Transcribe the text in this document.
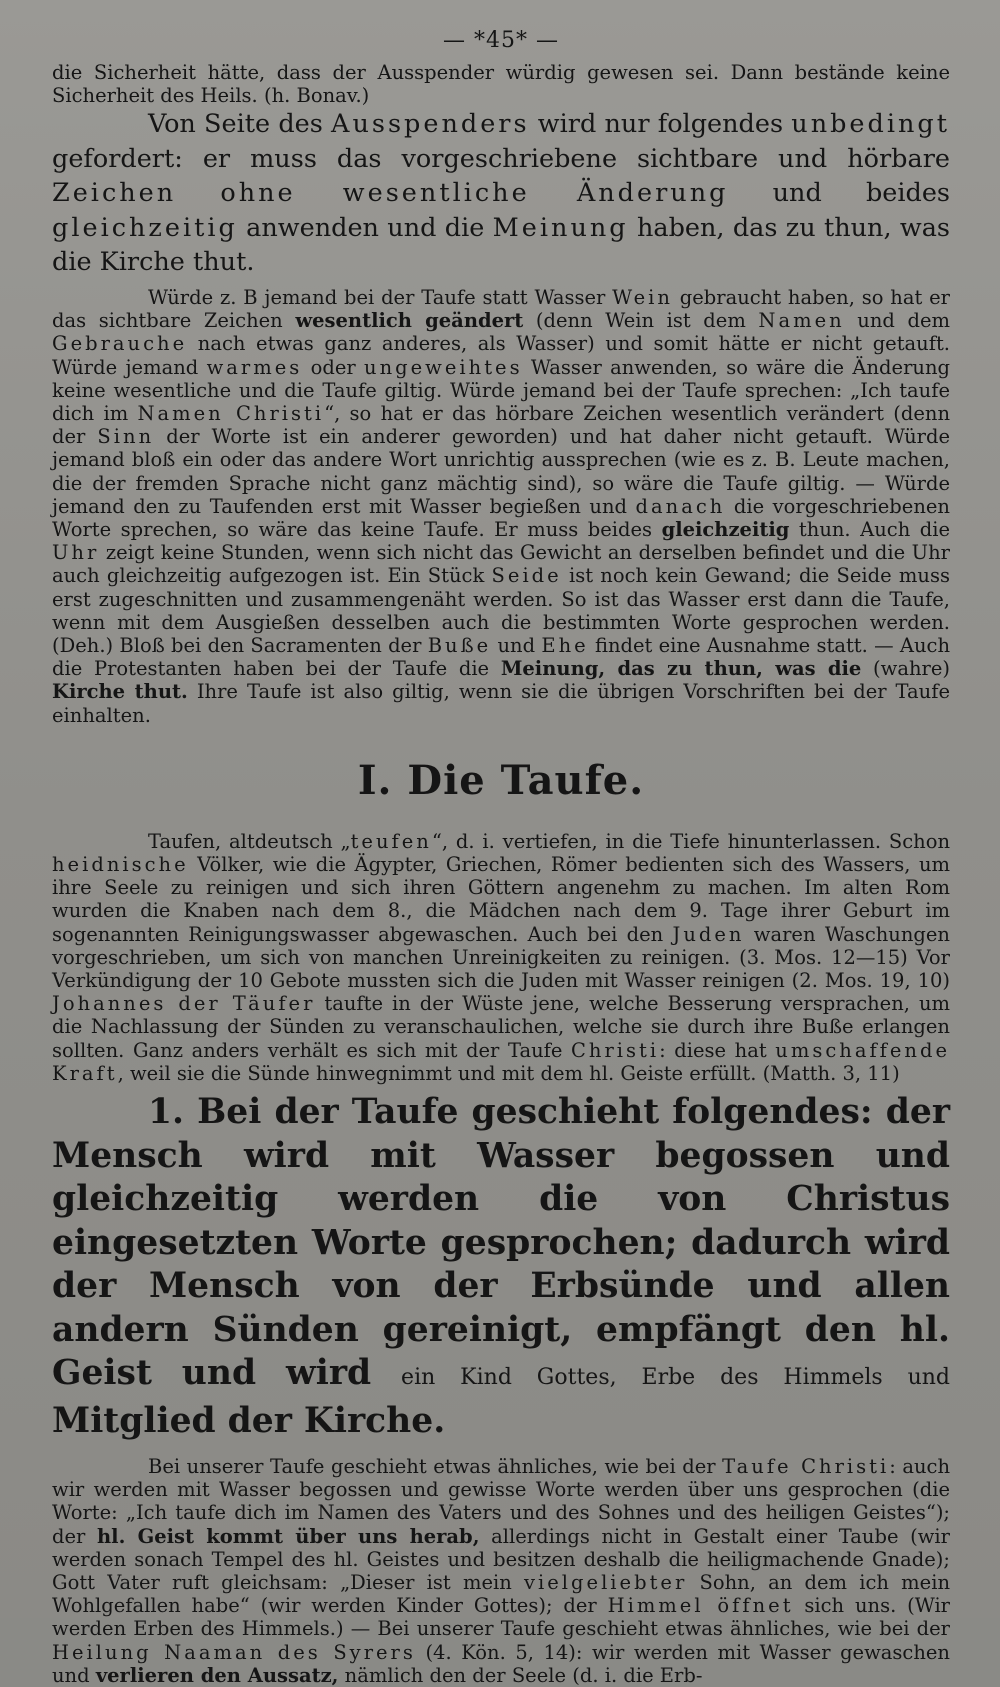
— *45* —

die Sicherheit hätte, dass der Ausspender würdig gewesen sei. Dann bestände keine Sicherheit des Heils. (h. Bonav.)

Von Seite des Ausspenders wird nur folgendes unbedingt gefordert: er muss das vorgeschriebene sichtbare und hörbare Zeichen ohne wesentliche Änderung und beides gleichzeitig anwenden und die Meinung haben, das zu thun, was die Kirche thut.

Würde z. B jemand bei der Taufe statt Wasser Wein gebraucht haben, so hat er das sichtbare Zeichen wesentlich geändert (denn Wein ist dem Namen und dem Gebrauche nach etwas ganz anderes, als Wasser) und somit hätte er nicht getauft. Würde jemand warmes oder ungeweihtes Wasser anwenden, so wäre die Änderung keine wesentliche und die Taufe giltig. Würde jemand bei der Taufe sprechen: „Ich taufe dich im Namen Christi“, so hat er das hörbare Zeichen wesentlich verändert (denn der Sinn der Worte ist ein anderer geworden) und hat daher nicht getauft. Würde jemand bloß ein oder das andere Wort unrichtig aussprechen (wie es z. B. Leute machen, die der fremden Sprache nicht ganz mächtig sind), so wäre die Taufe giltig. — Würde jemand den zu Taufenden erst mit Wasser begießen und danach die vorgeschriebenen Worte sprechen, so wäre das keine Taufe. Er muss beides gleichzeitig thun. Auch die Uhr zeigt keine Stunden, wenn sich nicht das Gewicht an derselben befindet und die Uhr auch gleichzeitig aufgezogen ist. Ein Stück Seide ist noch kein Gewand; die Seide muss erst zugeschnitten und zusammengenäht werden. So ist das Wasser erst dann die Taufe, wenn mit dem Ausgießen desselben auch die bestimmten Worte gesprochen werden. (Deh.) Bloß bei den Sacramenten der Buße und Ehe findet eine Ausnahme statt. — Auch die Protestanten haben bei der Taufe die Meinung, das zu thun, was die (wahre) Kirche thut. Ihre Taufe ist also giltig, wenn sie die übrigen Vorschriften bei der Taufe einhalten.

I. Die Taufe.

Taufen, altdeutsch „teufen“, d. i. vertiefen, in die Tiefe hinunterlassen. Schon heidnische Völker, wie die Ägypter, Griechen, Römer bedienten sich des Wassers, um ihre Seele zu reinigen und sich ihren Göttern angenehm zu machen. Im alten Rom wurden die Knaben nach dem 8., die Mädchen nach dem 9. Tage ihrer Geburt im sogenannten Reinigungswasser abgewaschen. Auch bei den Juden waren Waschungen vorgeschrieben, um sich von manchen Unreinigkeiten zu reinigen. (3. Mos. 12—15) Vor Verkündigung der 10 Gebote mussten sich die Juden mit Wasser reinigen (2. Mos. 19, 10) Johannes der Täufer taufte in der Wüste jene, welche Besserung versprachen, um die Nachlassung der Sünden zu veranschaulichen, welche sie durch ihre Buße erlangen sollten. Ganz anders verhält es sich mit der Taufe Christi: diese hat umschaffende Kraft, weil sie die Sünde hinwegnimmt und mit dem hl. Geiste erfüllt. (Matth. 3, 11)

1. Bei der Taufe geschieht folgendes: der Mensch wird mit Wasser begossen und gleichzeitig werden die von Christus eingesetzten Worte gesprochen; dadurch wird der Mensch von der Erbsünde und allen andern Sünden gereinigt, empfängt den hl. Geist und wird ein Kind Gottes, Erbe des Himmels und Mitglied der Kirche.

Bei unserer Taufe geschieht etwas ähnliches, wie bei der Taufe Christi: auch wir werden mit Wasser begossen und gewisse Worte werden über uns gesprochen (die Worte: „Ich taufe dich im Namen des Vaters und des Sohnes und des heiligen Geistes“); der hl. Geist kommt über uns herab, allerdings nicht in Gestalt einer Taube (wir werden sonach Tempel des hl. Geistes und besitzen deshalb die heiligmachende Gnade); Gott Vater ruft gleichsam: „Dieser ist mein vielgeliebter Sohn, an dem ich mein Wohlgefallen habe“ (wir werden Kinder Gottes); der Himmel öffnet sich uns. (Wir werden Erben des Himmels.) — Bei unserer Taufe geschieht etwas ähnliches, wie bei der Heilung Naaman des Syrers (4. Kön. 5, 14): wir werden mit Wasser gewaschen und verlieren den Aussatz, nämlich den der Seele (d. i. die Erb-
